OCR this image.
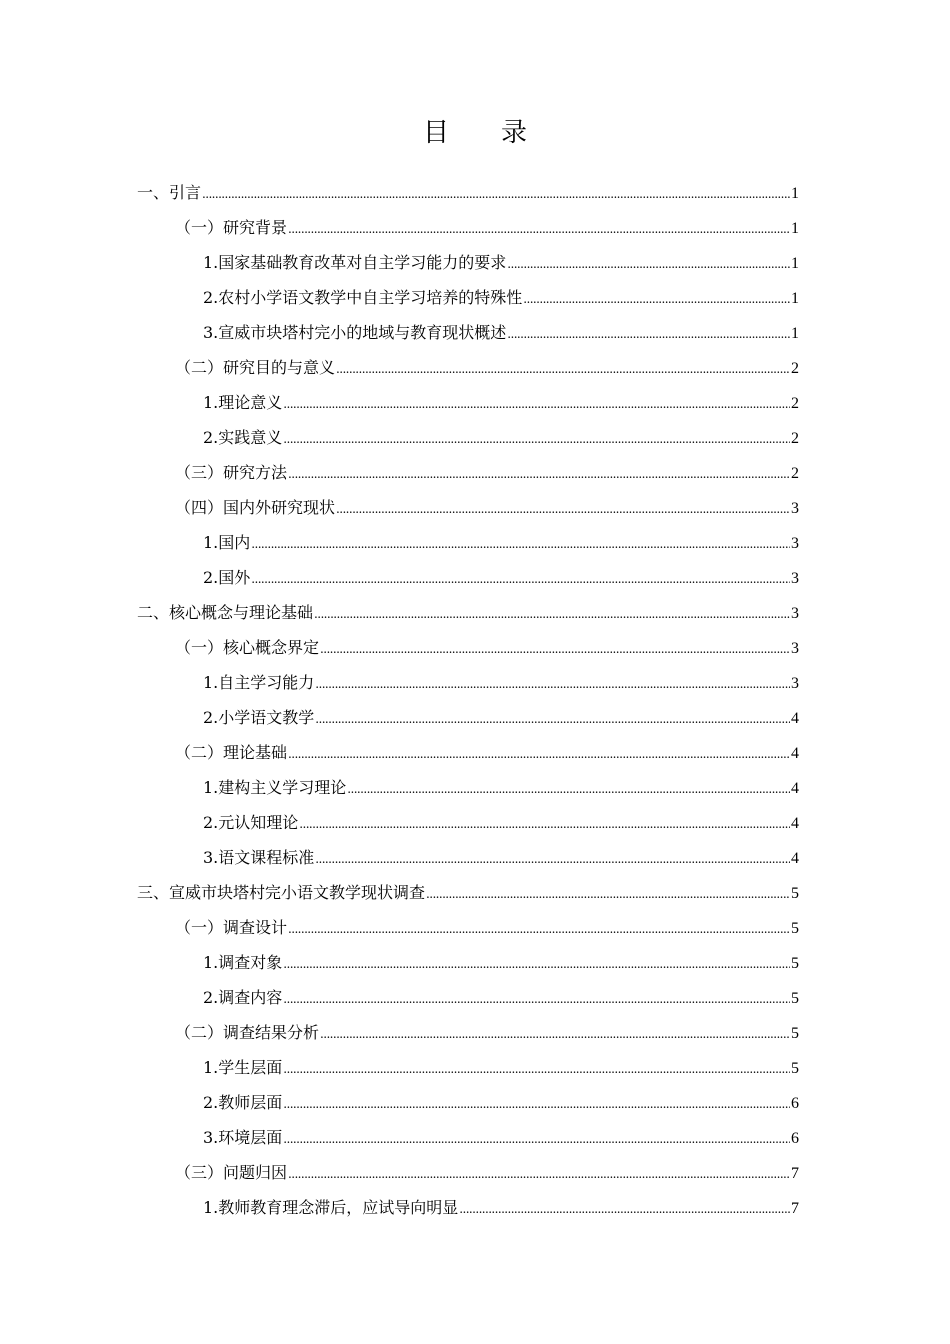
目 录
一、引言 .....	1
（一）研究背景 .....	1
1.国家基础教育改革对自主学习能力的要求 .....	1
2.农村小学语文教学中自主学习培养的特殊性 .....	1
3.宣威市块塔村完小的地域与教育现状概述 .....	1
（二）研究目的与意义 .....	2
1.理论意义 .....	2
2.实践意义 .....	2
（三）研究方法 .....	2
（四）国内外研究现状 .....	3
1.国内 .....	3
2.国外 .....	3
二、核心概念与理论基础 .....	3
（一）核心概念界定 .....	3
1.自主学习能力 .....	3
2.小学语文教学 .....	4
（二）理论基础 .....	4
1.建构主义学习理论 .....	4
2.元认知理论 .....	4
3.语文课程标准 .....	4
三、宣威市块塔村完小语文教学现状调查 .....	5
（一）调查设计 .....	5
1.调查对象 .....	5
2.调查内容 .....	5
（二）调查结果分析 .....	5
1.学生层面 .....	5
2.教师层面 .....	6
3.环境层面 .....	6
（三）问题归因 .....	7
1.教师教育理念滞后，应试导向明显 .....	7
